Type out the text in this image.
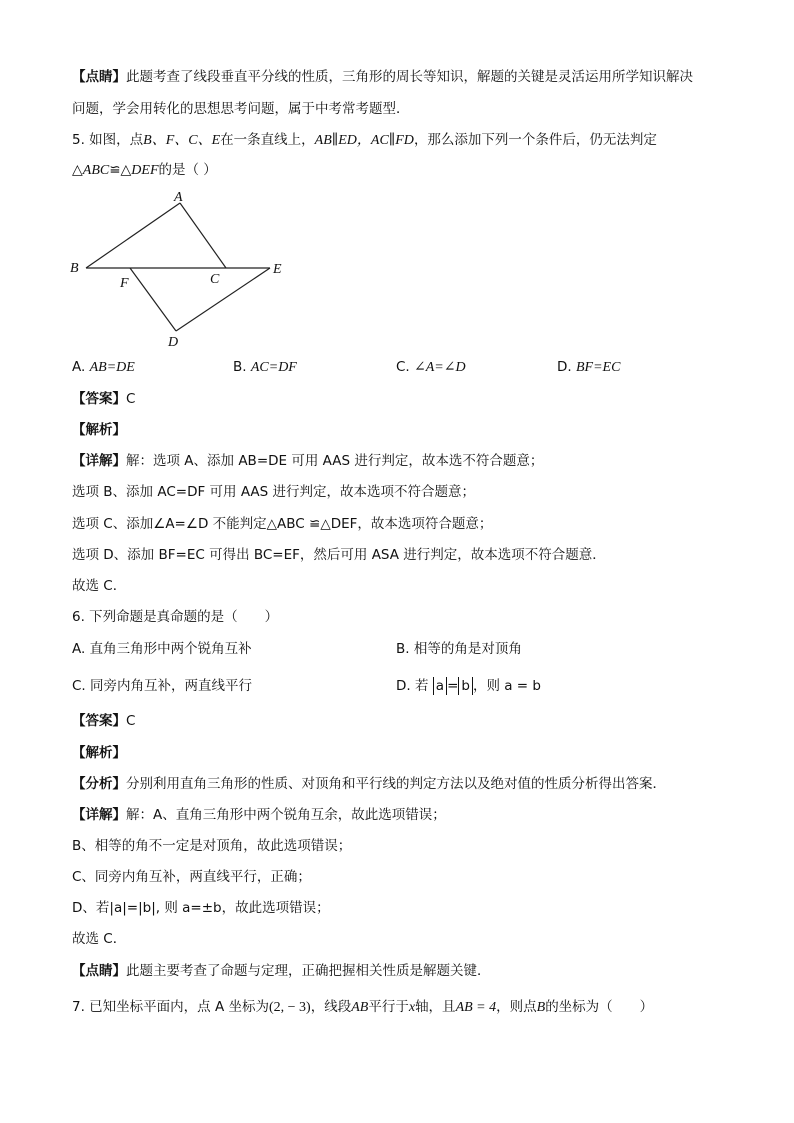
【点睛】此题考查了线段垂直平分线的性质，三角形的周长等知识，解题的关键是灵活运用所学知识解决
问题，学会用转化的思想思考问题，属于中考常考题型．
5. 如图，点B、F、C、E在一条直线上，AB∥ED，AC∥FD，那么添加下列一个条件后，仍无法判定
△ABC≌△DEF的是（ ）
A
B
C
D
E
F
A. AB=DE	B. AC=DF	C. ∠A=∠D	D. BF=EC
【答案】C
【解析】
【详解】解：选项 A、添加 AB=DE 可用 AAS 进行判定，故本选不符合题意；
选项 B、添加 AC=DF 可用 AAS 进行判定，故本选项不符合题意；
选项 C、添加∠A=∠D 不能判定△ABC ≌△DEF，故本选项符合题意；
选项 D、添加 BF=EC 可得出 BC=EF，然后可用 ASA 进行判定，故本选项不符合题意．
故选 C．
6. 下列命题是真命题的是（　　）
A. 直角三角形中两个锐角互补	B. 相等的角是对顶角
C. 同旁内角互补，两直线平行	D. 若 a = b ，则 a = b
【答案】C
【解析】
【分析】分别利用直角三角形的性质、对顶角和平行线的判定方法以及绝对值的性质分析得出答案．
【详解】解：A、直角三角形中两个锐角互余，故此选项错误；
B、相等的角不一定是对顶角，故此选项错误；
C、同旁内角互补，两直线平行，正确；
D、若|a|=|b|, 则 a=±b，故此选项错误；
故选 C．
【点睛】此题主要考查了命题与定理，正确把握相关性质是解题关键．
7. 已知坐标平面内，点 A 坐标为(2, − 3)，线段AB平行于x轴，且AB = 4，则点B的坐标为（　　）
